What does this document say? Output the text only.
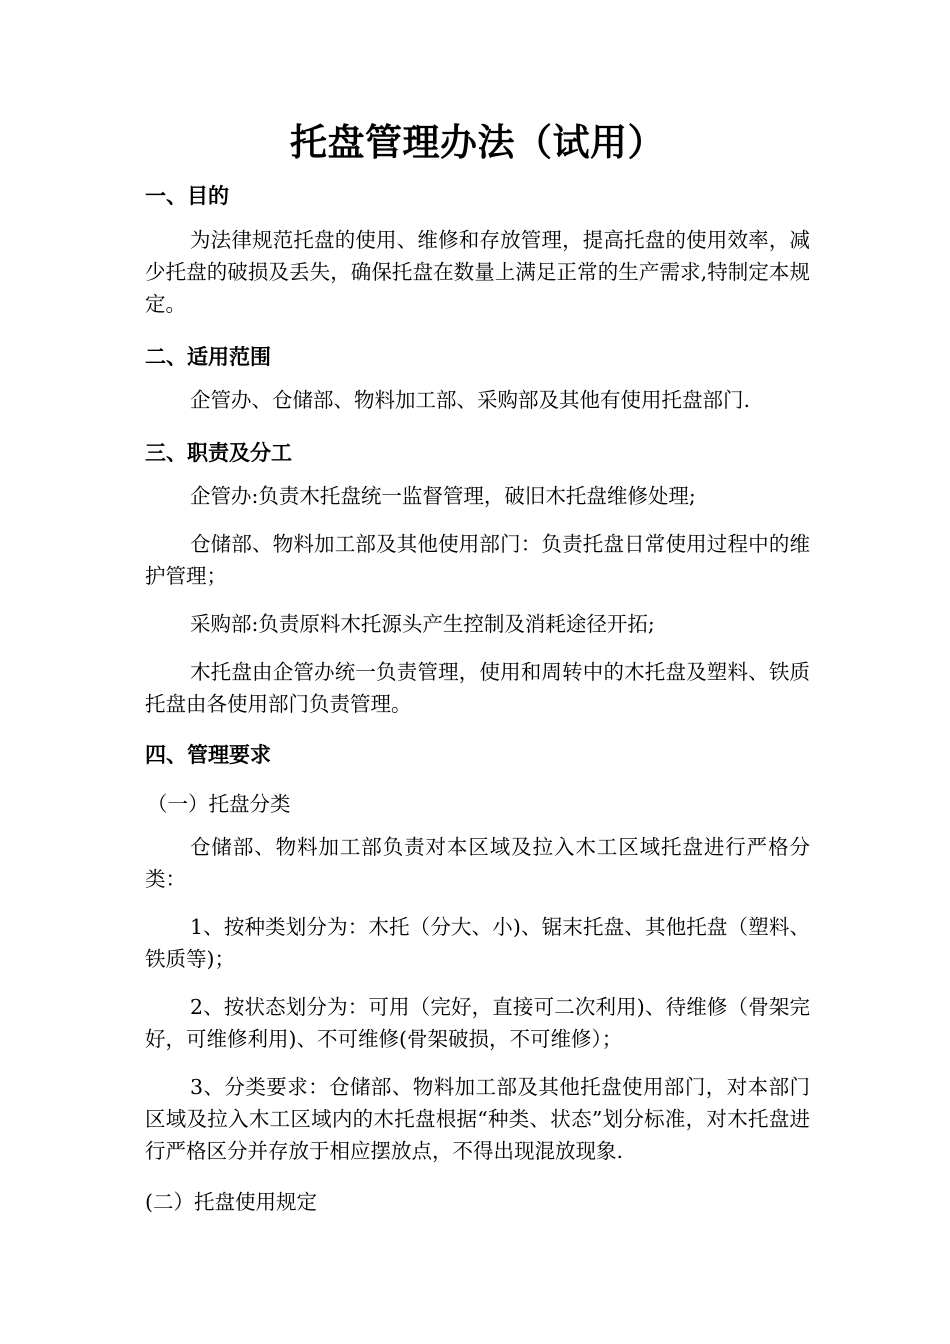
托盘管理办法（试用）
一、目的
为法律规范托盘的使用、维修和存放管理，提高托盘的使用效率，减少托盘的破损及丢失，确保托盘在数量上满足正常的生产需求,特制定本规定。
二、适用范围
企管办、仓储部、物料加工部、采购部及其他有使用托盘部门.
三、职责及分工
企管办:负责木托盘统一监督管理，破旧木托盘维修处理;
仓储部、物料加工部及其他使用部门：负责托盘日常使用过程中的维护管理；
采购部:负责原料木托源头产生控制及消耗途径开拓;
木托盘由企管办统一负责管理，使用和周转中的木托盘及塑料、铁质托盘由各使用部门负责管理。
四、管理要求
（一）托盘分类
仓储部、物料加工部负责对本区域及拉入木工区域托盘进行严格分类：
1、按种类划分为：木托（分大、小)、锯末托盘、其他托盘（塑料、铁质等)；
2、按状态划分为：可用（完好，直接可二次利用)、待维修（骨架完好，可维修利用)、不可维修(骨架破损，不可维修）；
3、分类要求：仓储部、物料加工部及其他托盘使用部门，对本部门区域及拉入木工区域内的木托盘根据“种类、状态”划分标准，对木托盘进行严格区分并存放于相应摆放点，不得出现混放现象.
(二）托盘使用规定
